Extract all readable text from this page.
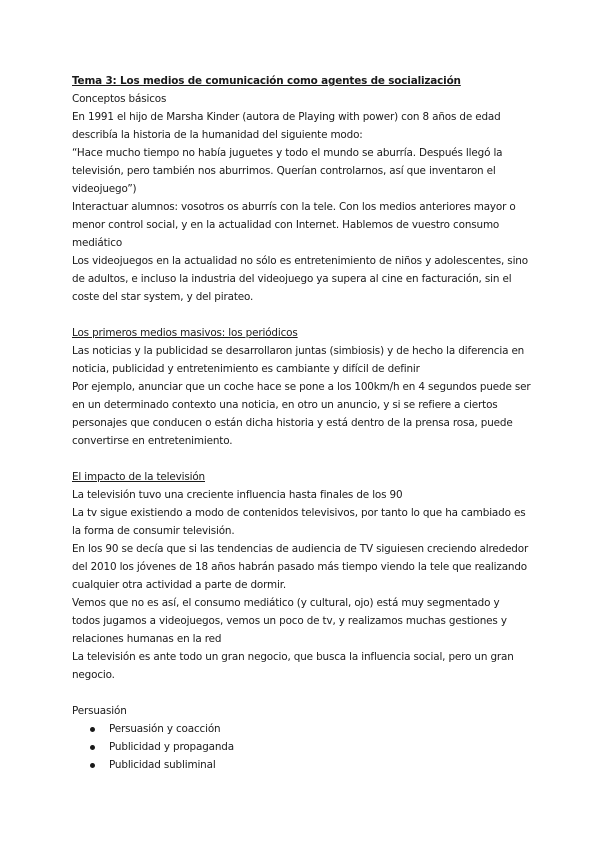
Tema 3: Los medios de comunicación como agentes de socialización
Conceptos básicos
En 1991 el hijo de Marsha Kinder (autora de Playing with power) con 8 años de edad
describía la historia de la humanidad del siguiente modo:
“Hace mucho tiempo no había juguetes y todo el mundo se aburría. Después llegó la
televisión, pero también nos aburrimos. Querían controlarnos, así que inventaron el
videojuego”)
Interactuar alumnos: vosotros os aburrís con la tele. Con los medios anteriores mayor o
menor control social, y en la actualidad con Internet. Hablemos de vuestro consumo
mediático
Los videojuegos en la actualidad no sólo es entretenimiento de niños y adolescentes, sino
de adultos, e incluso la industria del videojuego ya supera al cine en facturación, sin el
coste del star system, y del pirateo.
Los primeros medios masivos: los periódicos
Las noticias y la publicidad se desarrollaron juntas (simbiosis) y de hecho la diferencia en
noticia, publicidad y entretenimiento es cambiante y difícil de definir
Por ejemplo, anunciar que un coche hace se pone a los 100km/h en 4 segundos puede ser
en un determinado contexto una noticia, en otro un anuncio, y si se refiere a ciertos
personajes que conducen o están dicha historia y está dentro de la prensa rosa, puede
convertirse en entretenimiento.
El impacto de la televisión
La televisión tuvo una creciente influencia hasta finales de los 90
La tv sigue existiendo a modo de contenidos televisivos, por tanto lo que ha cambiado es
la forma de consumir televisión.
En los 90 se decía que si las tendencias de audiencia de TV siguiesen creciendo alrededor
del 2010 los jóvenes de 18 años habrán pasado más tiempo viendo la tele que realizando
cualquier otra actividad a parte de dormir.
Vemos que no es así, el consumo mediático (y cultural, ojo) está muy segmentado y
todos jugamos a videojuegos, vemos un poco de tv, y realizamos muchas gestiones y
relaciones humanas en la red
La televisión es ante todo un gran negocio, que busca la influencia social, pero un gran
negocio.
Persuasión
Persuasión y coacción
Publicidad y propaganda
Publicidad subliminal
